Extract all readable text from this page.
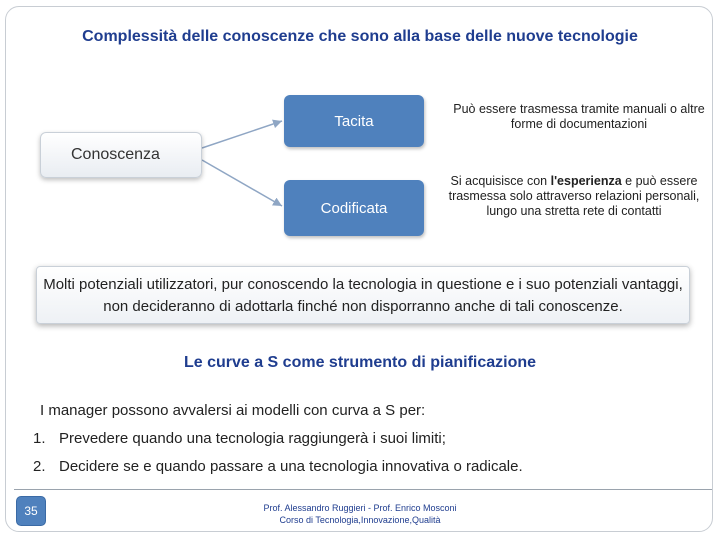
Complessità delle conoscenze che sono alla base delle nuove tecnologie
Tacita
Codificata
Conoscenza
Può essere trasmessa tramite manuali o altre forme di documentazioni
Si acquisisce con l'esperienza e può essere trasmessa solo attraverso relazioni personali, lungo una stretta rete di contatti
Molti potenziali utilizzatori, pur conoscendo la tecnologia in questione e i suo potenziali vantaggi, non decideranno di adottarla finché non disporranno anche di tali conoscenze.
Le curve a S come strumento di pianificazione
I manager possono avvalersi ai modelli con curva a S per:
1. Prevedere quando una tecnologia raggiungerà i suoi limiti;
2. Decidere se e quando passare a una tecnologia innovativa o radicale.
35	Prof. Alessandro Ruggieri - Prof. Enrico Mosconi
Corso di Tecnologia,Innovazione,Qualità
